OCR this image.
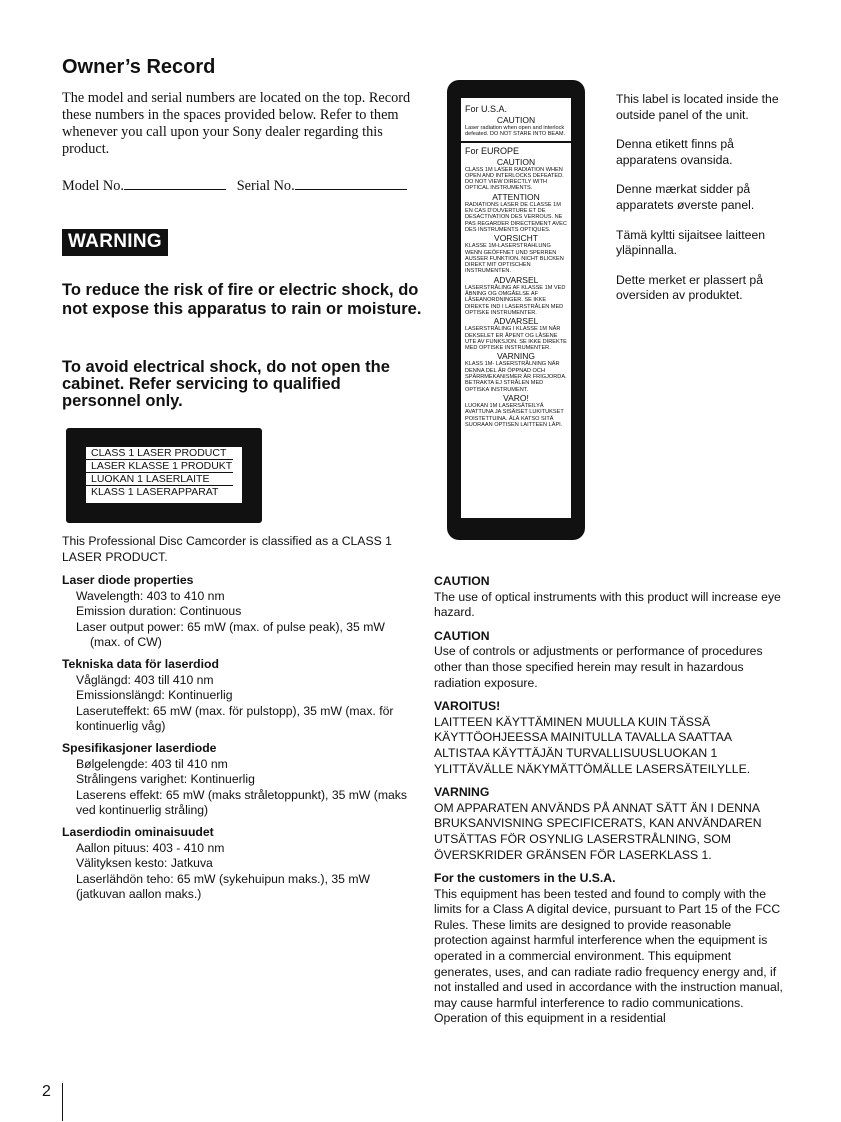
Owner’s Record
The model and serial numbers are located on the top. Record these numbers in the spaces provided below. Refer to them whenever you call upon your Sony dealer regarding this product.
Model No.	Serial No.
WARNING
To reduce the risk of fire or electric shock, do not expose this apparatus to rain or moisture.
To avoid electrical shock, do not open the cabinet. Refer servicing to qualified personnel only.
CLASS 1 LASER PRODUCT
LASER KLASSE 1 PRODUKT
LUOKAN 1 LASERLAITE
KLASS 1 LASERAPPARAT
This Professional Disc Camcorder is classified as a CLASS 1 LASER PRODUCT.
Laser diode properties
Wavelength: 403 to 410 nm
Emission duration: Continuous
Laser output power: 65 mW (max. of pulse peak), 35 mW
(max. of CW)
Tekniska data för laserdiod
Våglängd: 403 till 410 nm
Emissionslängd: Kontinuerlig
Laseruteffekt: 65 mW (max. för pulstopp), 35 mW (max. för kontinuerlig våg)
Spesifikasjoner laserdiode
Bølgelengde: 403 til 410 nm
Strålingens varighet: Kontinuerlig
Laserens effekt: 65 mW (maks stråletoppunkt), 35 mW (maks ved kontinuerlig stråling)
Laserdiodin ominaisuudet
Aallon pituus: 403 - 410 nm
Välityksen kesto: Jatkuva
Laserlähdön teho: 65 mW (sykehuipun maks.), 35 mW (jatkuvan aallon maks.)
For U.S.A.
CAUTION
Laser radiation when open and interlock defeated. DO NOT STARE INTO BEAM.
For EUROPE
CAUTION
CLASS 1M LASER RADIATION WHEN OPEN AND INTERLOCKS DEFEATED. DO NOT VIEW DIRECTLY WITH OPTICAL INSTRUMENTS.
ATTENTION
RADIATIONS LASER DE CLASSE 1M EN CAS D'OUVERTURE ET DE DESACTIVATION DES VERROUS. NE PAS REGARDER DIRECTEMENT AVEC DES INSTRUMENTS OPTIQUES.
VORSICHT
KLASSE 1M-LASERSTRAHLUNG WENN GEÖFFNET UND SPERREN AUSSER FUNKTION. NICHT BLICKEN DIREKT MIT OPTISCHEN INSTRUMENTEN.
ADVARSEL
LASERSTRÅLING AF KLASSE 1M VED ÅBNING OG OMGÅELSE AF LÅSEANORDNINGER. SE IKKE DIREKTE IND I LASERSTRÅLEN MED OPTISKE INSTRUMENTER.
ADVARSEL
LASERSTRÅLING I KLASSE 1M NÅR DEKSELET ER ÅPENT OG LÅSENE UTE AV FUNKSJON. SE IKKE DIREKTE MED OPTISKE INSTRUMENTER.
VARNING
KLASS 1M- LASERSTRÅLNING NÄR DENNA DEL ÄR ÖPPNAD OCH SPÄRRMEKANISMER ÄR FRIGJORDA. BETRAKTA EJ STRÅLEN MED OPTISKA INSTRUMENT.
VARO!
LUOKAN 1M LASERSÄTEILYÄ AVATTUNA JA SISÄISET LUKITUKSET POISTETTUINA. ÄLÄ KATSO SITÄ SUORAAN OPTISEN LAITTEEN LÄPI.

This label is located inside the outside panel of the unit.

Denna etikett finns på apparatens ovansida.

Denne mærkat sidder på apparatets øverste panel.

Tämä kyltti sijaitsee laitteen yläpinnalla.

Dette merket er plassert på oversiden av produktet.

CAUTION
The use of optical instruments with this product will increase eye hazard.
CAUTION
Use of controls or adjustments or performance of procedures other than those specified herein may result in hazardous radiation exposure.
VAROITUS!
LAITTEEN KÄYTTÄMINEN MUULLA KUIN TÄSSÄ KÄYTTÖOHJEESSA MAINITULLA TAVALLA SAATTAA ALTISTAA KÄYTTÄJÄN TURVALLISUUSLUOKAN 1 YLITTÄVÄLLE NÄKYMÄTTÖMÄLLE LASERSÄTEILYLLE.
VARNING
OM APPARATEN ANVÄNDS PÅ ANNAT SÄTT ÄN I DENNA BRUKSANVISNING SPECIFICERATS, KAN ANVÄNDAREN UTSÄTTAS FÖR OSYNLIG LASERSTRÅLNING, SOM ÖVERSKRIDER GRÄNSEN FÖR LASERKLASS 1.
For the customers in the U.S.A.
This equipment has been tested and found to comply with the limits for a Class A digital device, pursuant to Part 15 of the FCC Rules. These limits are designed to provide reasonable protection against harmful interference when the equipment is operated in a commercial environment. This equipment generates, uses, and can radiate radio frequency energy and, if not installed and used in accordance with the instruction manual, may cause harmful interference to radio communications. Operation of this equipment in a residential
2
